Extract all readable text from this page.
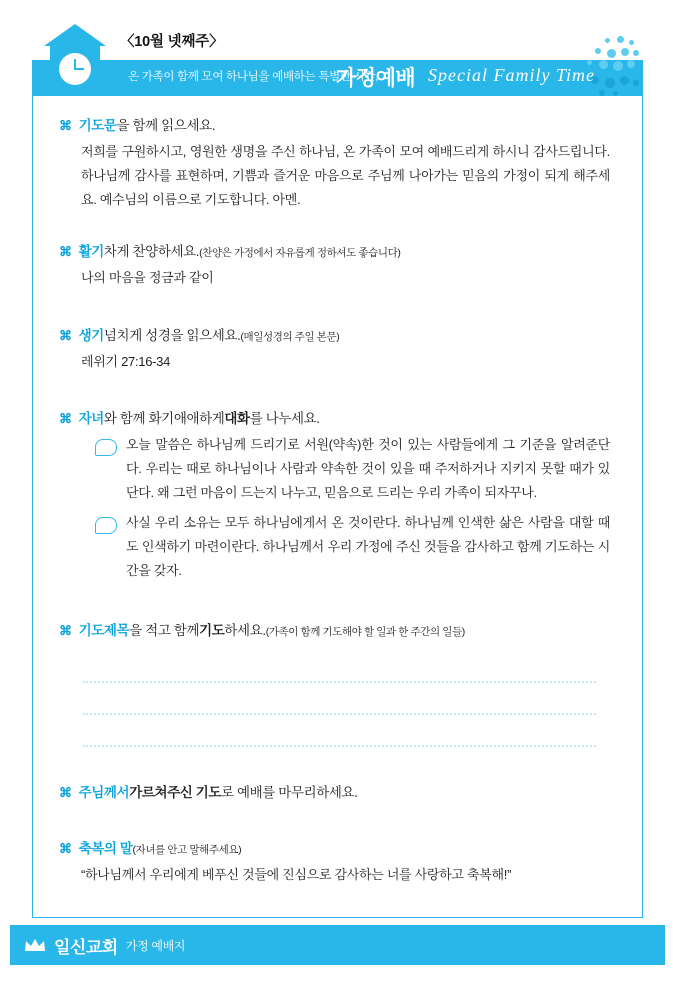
〈10월 넷째주〉
온 가족이 함께 모여 하나님을 예배하는 특별한 시간,
가정예배 Special Family Time
⌘ 기도문 을 함께 읽으세요.

저희를 구원하시고, 영원한 생명을 주신 하나님, 온 가족이 모여 예배드리게 하시니 감사드립니다. 하나님께 감사를 표현하며, 기쁨과 즐거운 마음으로 주님께 나아가는 믿음의 가정이 되게 해주세요. 예수님의 이름으로 기도합니다. 아멘.

⌘ 활기 차게 찬양하세요. (찬양은 가정에서 자유롭게 정하셔도 좋습니다)

나의 마음을 정금과 같이

⌘ 생기 넘치게 성경을 읽으세요. (매일성경의 주일 본문)

레위기 27:16-34

⌘ 자녀 와 함께 화기애애하게 대화 를 나누세요.
오늘 말씀은 하나님께 드리기로 서원(약속)한 것이 있는 사람들에게 그 기준을 알려준단다. 우리는 때로 하나님이나 사람과 약속한 것이 있을 때 주저하거나 지키지 못할 때가 있단다. 왜 그런 마음이 드는지 나누고, 믿음으로 드리는 우리 가족이 되자꾸나.
사실 우리 소유는 모두 하나님에게서 온 것이란다. 하나님께 인색한 삶은 사람을 대할 때도 인색하기 마련이란다. 하나님께서 우리 가정에 주신 것들을 감사하고 함께 기도하는 시간을 갖자.
⌘ 기도제목 을 적고 함께 기도 하세요. (가족이 함께 기도해야 할 일과 한 주간의 일들)
⌘ 주님께서 가르쳐주신 기도 로 예배를 마무리하세요.
⌘ 축복의 말 (자녀를 안고 말해주세요)

“하나님께서 우리에게 베푸신 것들에 진심으로 감사하는 너를 사랑하고 축복해!”

일신교회 가정 예배지
